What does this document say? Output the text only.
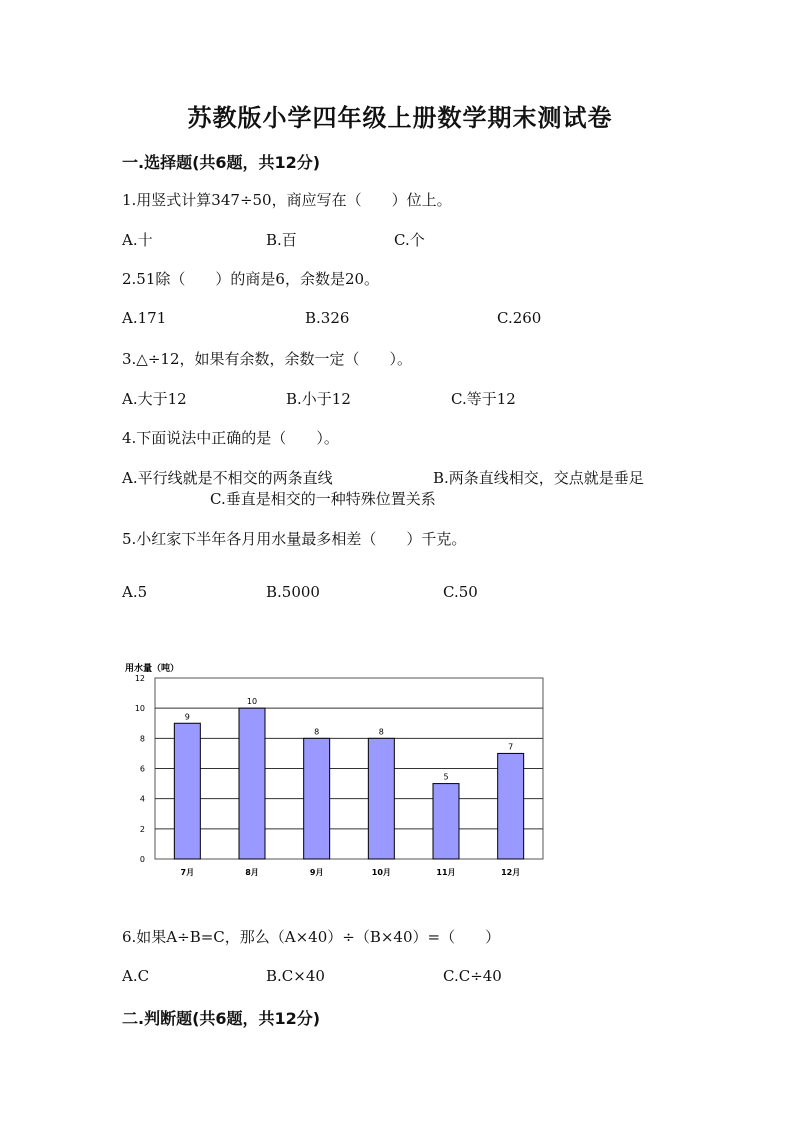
苏教版小学四年级上册数学期末测试卷
一.选择题(共6题，共12分)
1.用竖式计算347÷50，商应写在（　　）位上。
A.十	B.百	C.个
2.51除（　　）的商是6，余数是20。
A.171	B.326	C.260
3.△÷12，如果有余数，余数一定（　　）。
A.大于12	B.小于12	C.等于12
4.下面说法中正确的是（　　）。
A.平行线就是不相交的两条直线	B.两条直线相交，交点就是垂足
C.垂直是相交的一种特殊位置关系
5.小红家下半年各月用水量最多相差（　　）千克。
A.5	B.5000	C.50
用水量（吨）
0
2
4
6
8
10
12
7月	8月	9月	10月	11月	12月
9
10
8	8
5
7
6.如果A÷B=C，那么（A×40）÷（B×40）=（　　）
A.C	B.C×40	C.C÷40
二.判断题(共6题，共12分)
